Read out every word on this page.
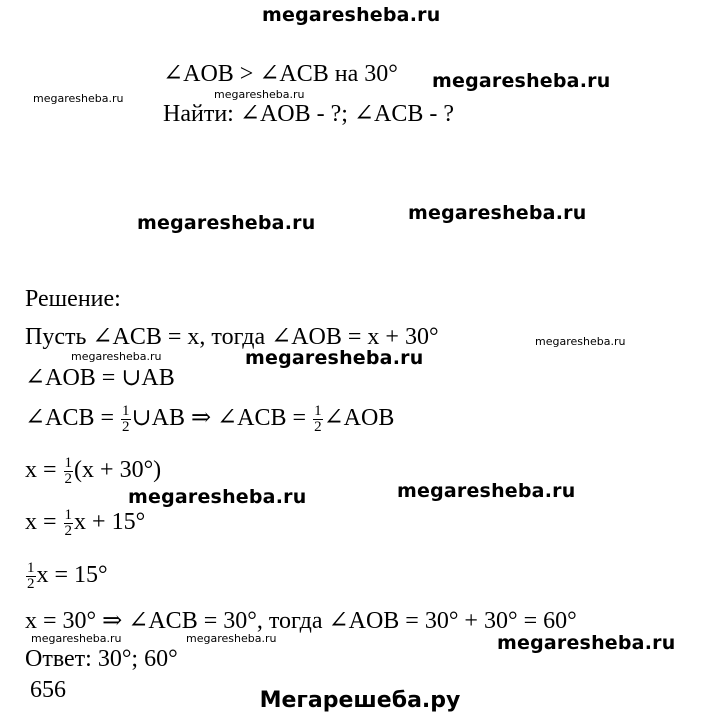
megaresheba.ru
megaresheba.ru
megaresheba.ru	megaresheba.ru
megaresheba.ru	megaresheba.ru
megaresheba.ru
megaresheba.ru	megaresheba.ru
megaresheba.ru	megaresheba.ru
megaresheba.ru	megaresheba.ru	megaresheba.ru
∠AOB > ∠ACB на 30°
Найти: ∠AOB - ?; ∠ACB - ?
Решение:
Пусть ∠ACB = x, тогда ∠AOB = x + 30°
∠AOB = ∪AB
∠ACB = $\frac{1}{2}$ ∪AB ⇒ ∠ACB = $\frac{1}{2}$ ∠AOB
$x = \frac{1}{2} (x + 30^\circ)$
$x = \frac{1}{2}$ x + 15°
$\frac{1}{2}$ x = 15°
x = 30° ⇒ ∠ACB = 30°, тогда ∠AOB = 30° + 30° = 60°
Ответ: 30°; 60°
656	Мегарешеба.ру
